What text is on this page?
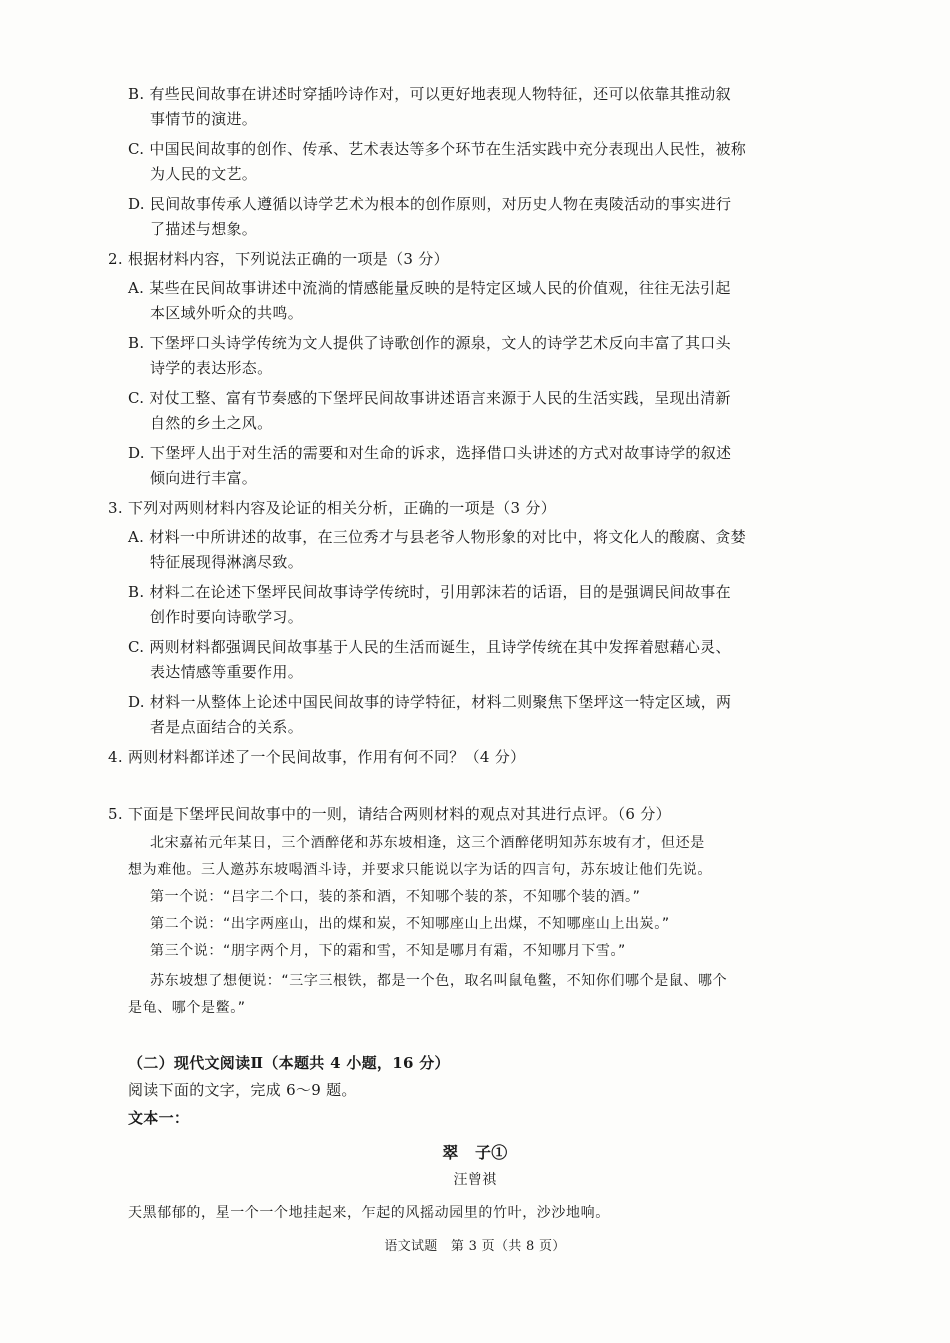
B. 有些民间故事在讲述时穿插吟诗作对，可以更好地表现人物特征，还可以依靠其推动叙
事情节的演进。
C. 中国民间故事的创作、传承、艺术表达等多个环节在生活实践中充分表现出人民性，被称
为人民的文艺。
D. 民间故事传承人遵循以诗学艺术为根本的创作原则，对历史人物在夷陵活动的事实进行
了描述与想象。
2. 根据材料内容，下列说法正确的一项是（3 分）
A. 某些在民间故事讲述中流淌的情感能量反映的是特定区域人民的价值观，往往无法引起
本区域外听众的共鸣。
B. 下堡坪口头诗学传统为文人提供了诗歌创作的源泉，文人的诗学艺术反向丰富了其口头
诗学的表达形态。
C. 对仗工整、富有节奏感的下堡坪民间故事讲述语言来源于人民的生活实践，呈现出清新
自然的乡土之风。
D. 下堡坪人出于对生活的需要和对生命的诉求，选择借口头讲述的方式对故事诗学的叙述
倾向进行丰富。
3. 下列对两则材料内容及论证的相关分析，正确的一项是（3 分）
A. 材料一中所讲述的故事，在三位秀才与县老爷人物形象的对比中，将文化人的酸腐、贪婪
特征展现得淋漓尽致。
B. 材料二在论述下堡坪民间故事诗学传统时，引用郭沫若的话语，目的是强调民间故事在
创作时要向诗歌学习。
C. 两则材料都强调民间故事基于人民的生活而诞生，且诗学传统在其中发挥着慰藉心灵、
表达情感等重要作用。
D. 材料一从整体上论述中国民间故事的诗学特征，材料二则聚焦下堡坪这一特定区域，两
者是点面结合的关系。
4. 两则材料都详述了一个民间故事，作用有何不同？（4 分）
5. 下面是下堡坪民间故事中的一则，请结合两则材料的观点对其进行点评。（6 分）
北宋嘉祐元年某日，三个酒醉佬和苏东坡相逢，这三个酒醉佬明知苏东坡有才，但还是
想为难他。三人邀苏东坡喝酒斗诗，并要求只能说以字为话的四言句，苏东坡让他们先说。
第一个说：“吕字二个口，装的茶和酒，不知哪个装的茶，不知哪个装的酒。”
第二个说：“出字两座山，出的煤和炭，不知哪座山上出煤，不知哪座山上出炭。”
第三个说：“朋字两个月，下的霜和雪，不知是哪月有霜，不知哪月下雪。”
苏东坡想了想便说：“三字三根铁，都是一个色，取名叫鼠龟鳖，不知你们哪个是鼠、哪个
是龟、哪个是鳖。”
（二）现代文阅读Ⅱ（本题共 4 小题，16 分）
阅读下面的文字，完成 6～9 题。
文本一：
翠　子①
汪曾祺
天黑郁郁的，星一个一个地挂起来，乍起的风摇动园里的竹叶，沙沙地响。
语文试题　第 3 页（共 8 页）
